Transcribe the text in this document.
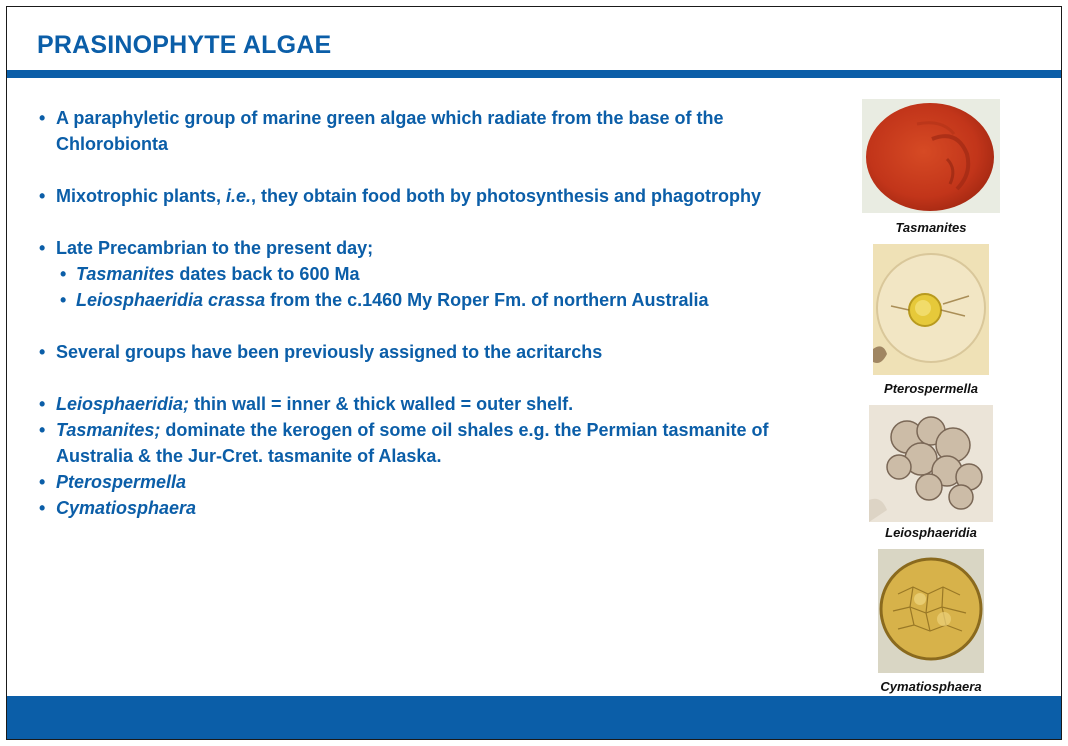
PRASINOPHYTE ALGAE
• A paraphyletic group of marine green algae which radiate from the base of the Chlorobionta
• Mixotrophic plants, i.e., they obtain food both by photosynthesis and phagotrophy
• Late Precambrian to the present day;
• Tasmanites dates back to 600 Ma
• Leiosphaeridia crassa from the c.1460 My Roper Fm. of northern Australia
• Several groups have been previously assigned to the acritarchs
• Leiosphaeridia; thin wall = inner & thick walled = outer shelf.
• Tasmanites; dominate the kerogen of some oil shales e.g. the Permian tasmanite of Australia & the Jur-Cret. tasmanite of Alaska.
• Pterospermella
• Cymatiosphaera
Tasmanites
Pterospermella
Leiosphaeridia
Cymatiosphaera
